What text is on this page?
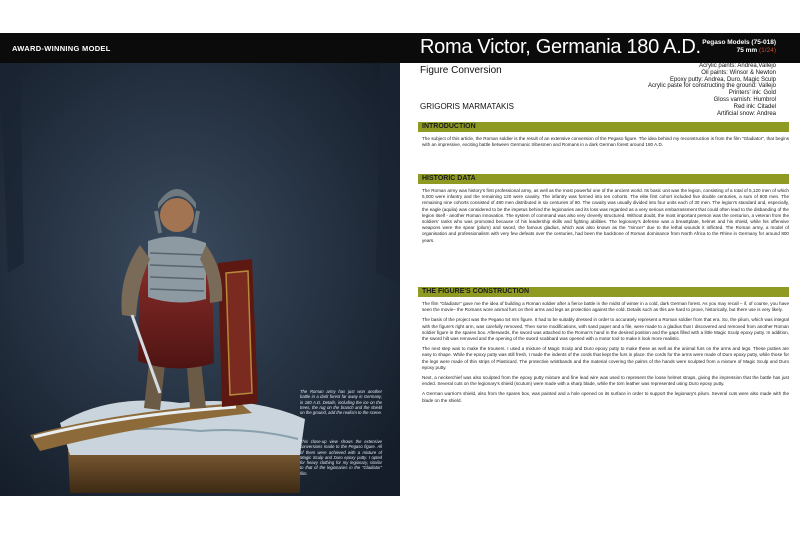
AWARD-WINNING MODEL
The Roman army has just won another battle in a dark forest far away in Germany, in 180 A.D. Details, including the ice on the trees, the rug on the branch and the shield on the ground, add the realism to the scene.
This close-up view shows the extensive conversions made to the Pegaso figure. All of them were achieved with a mixture of Magic Sculp and Duro epoxy putty. I opted for heavy clothing for my legionary, similar to that of the legionaries in the "Gladiator" film.
Roma Victor, Germania 180 A.D. Pegaso Models (75-018)
75 mm (1/24)
Figure Conversion
GRIGORIS MARMATAKIS
Acrylic paints: Andrea,Vallejo
Oil paints: Winsor & Newton
Epoxy putty: Andrea, Duro, Magic Sculp
Acrylic paste for constructing the ground: Vallejo
Printers' ink: Gold
Gloss varnish: Humbrol
Red ink: Citadel
Artificial snow: Andrea
INTRODUCTION
The subject of this article, the Roman soldier is the result of an extensive conversion of the Pegaso figure. The idea behind my reconstruction is from the film "Gladiator", that begins with an impressive, exciting battle between Germanic tribesmen and Romans in a dark German forest around 180 A.D.
HISTORIC DATA
The Roman army was history's first professional army, as well as the most powerful one of the ancient world. Its basic unit was the legion, consisting of a total of 5,120 men of which 5,000 were infantry and the remaining 120 were cavalry. The infantry was formed into ten cohorts. The elite first cohort included five double centuries, a sum of 800 men. The remaining nine cohorts consisted of 480 men distributed in six centuries of 80. The cavalry was usually divided into four units each of 30 men. The legion's standard and, especially, the eagle (aquila) was considered to be the impetus behind the legionaries and its loss was regarded as a very serious embarrassment that could often lead to the disbanding of the legion itself - another Roman innovation. The system of command was also very cleverly structured. Without doubt, the most important person was the centurion, a veteran from the soldiers' ranks who was promoted because of his leadership skills and fighting abilities. The legionary's defense was a breastplate, helmet and his shield, while his offensive weapons were the spear (pilum) and sword, the famous gladius, which was also known as the "mincer" due to the lethal wounds it inflicted. The Roman army, a model of organisation and professionalism with very few defeats over the centuries, had been the backbone of Roman dominance from North Africa to the Rhine in Germany for around 800 years.
THE FIGURE'S CONSTRUCTION
The film "Gladiator" gave me the idea of building a Roman soldier after a fierce battle in the midst of winter in a cold, dark German forest. As you may recall – if, of course, you have seen the movie– the Romans wore animal furs on their arms and legs as protection against the cold. Details such as this are hard to prove, historically, but there use is very likely.
The basis of the project was the Pegaso 54 mm figure. It had to be suitably dressed in order to accurately represent a Roman soldier from that era. So, the pilum, which was integral with the figure's right arm, was carefully removed. Then some modifications, with sand paper and a file, were made to a gladius that I discovered and removed from another Roman soldier figure in the spares box. Afterwards, the sword was attached to the Roman's hand in the desired position and the gaps filled with a little Magic Sculp epoxy putty. In addition, the sword hilt was removed and the opening of the sword scabbard was opened with a motor tool to make it look more realistic.
The next step was to make the trousers. I used a mixture of Magic Sculp and Duro epoxy putty to make these as well as the animal furs on the arms and legs. These putties are easy to shape. While the epoxy putty was still fresh, I made the indents of the cords that kept the furs in place: the cords for the arms were made of Duro epoxy putty, while those for the legs were made of thin strips of Plasticard. The protective wristbands and the material covering the palms of the hands were sculpted from a mixture of Magic Sculp and Duro epoxy putty.
Next, a neckerchief was also sculpted from the epoxy putty mixture and fine lead wire was used to represent the loose helmet straps, giving the impression that the battle has just ended. Several cuts on the legionary's shield (scutum) were made with a sharp blade, while the torn leather was represented using Duro epoxy putty.
A German warrior's shield, also from the spares box, was painted and a hole opened on its surface in order to support the legionary's pilum. Several cuts were also made with the blade on the shield.
